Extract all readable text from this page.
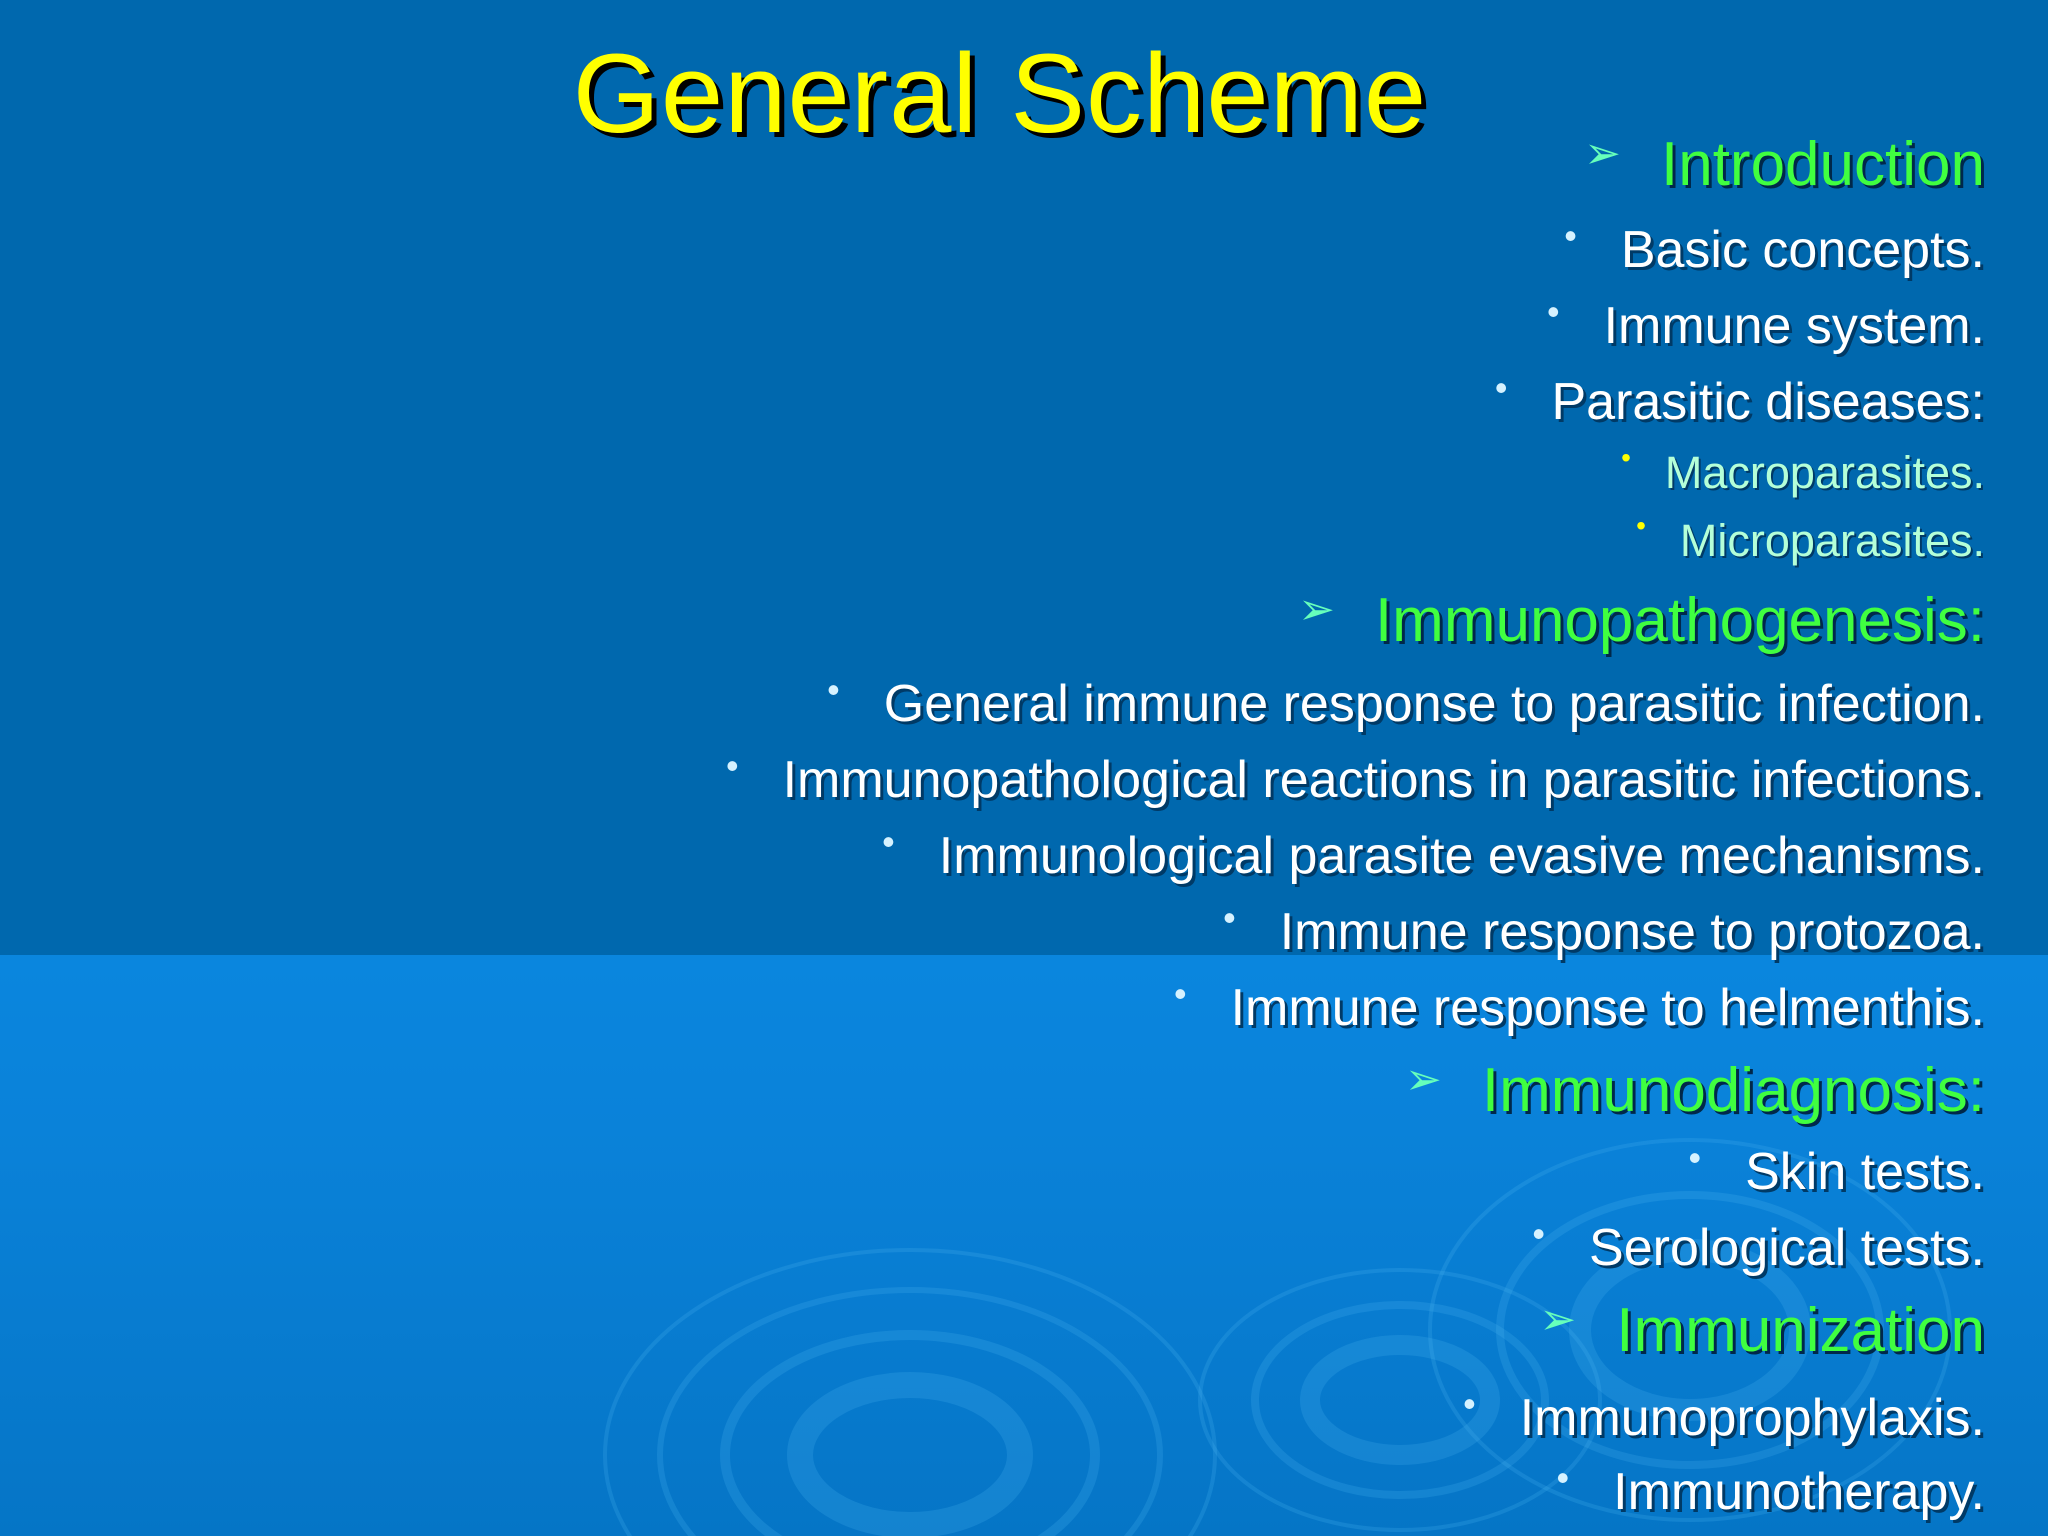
General Scheme	➢ Introduction
• Basic concepts.
• Immune system.
• Parasitic diseases:
• Macroparasites.
• Microparasites.
➢ Immunopathogenesis:
• General immune response to parasitic infection.
• Immunopathological reactions in parasitic infections.
• Immunological parasite evasive mechanisms.
• Immune response to protozoa.
• Immune response to helmenthis.
➢ Immunodiagnosis:
• Skin tests.
• Serological tests.
➢ Immunization
• Immunoprophylaxis.
• Immunotherapy.
